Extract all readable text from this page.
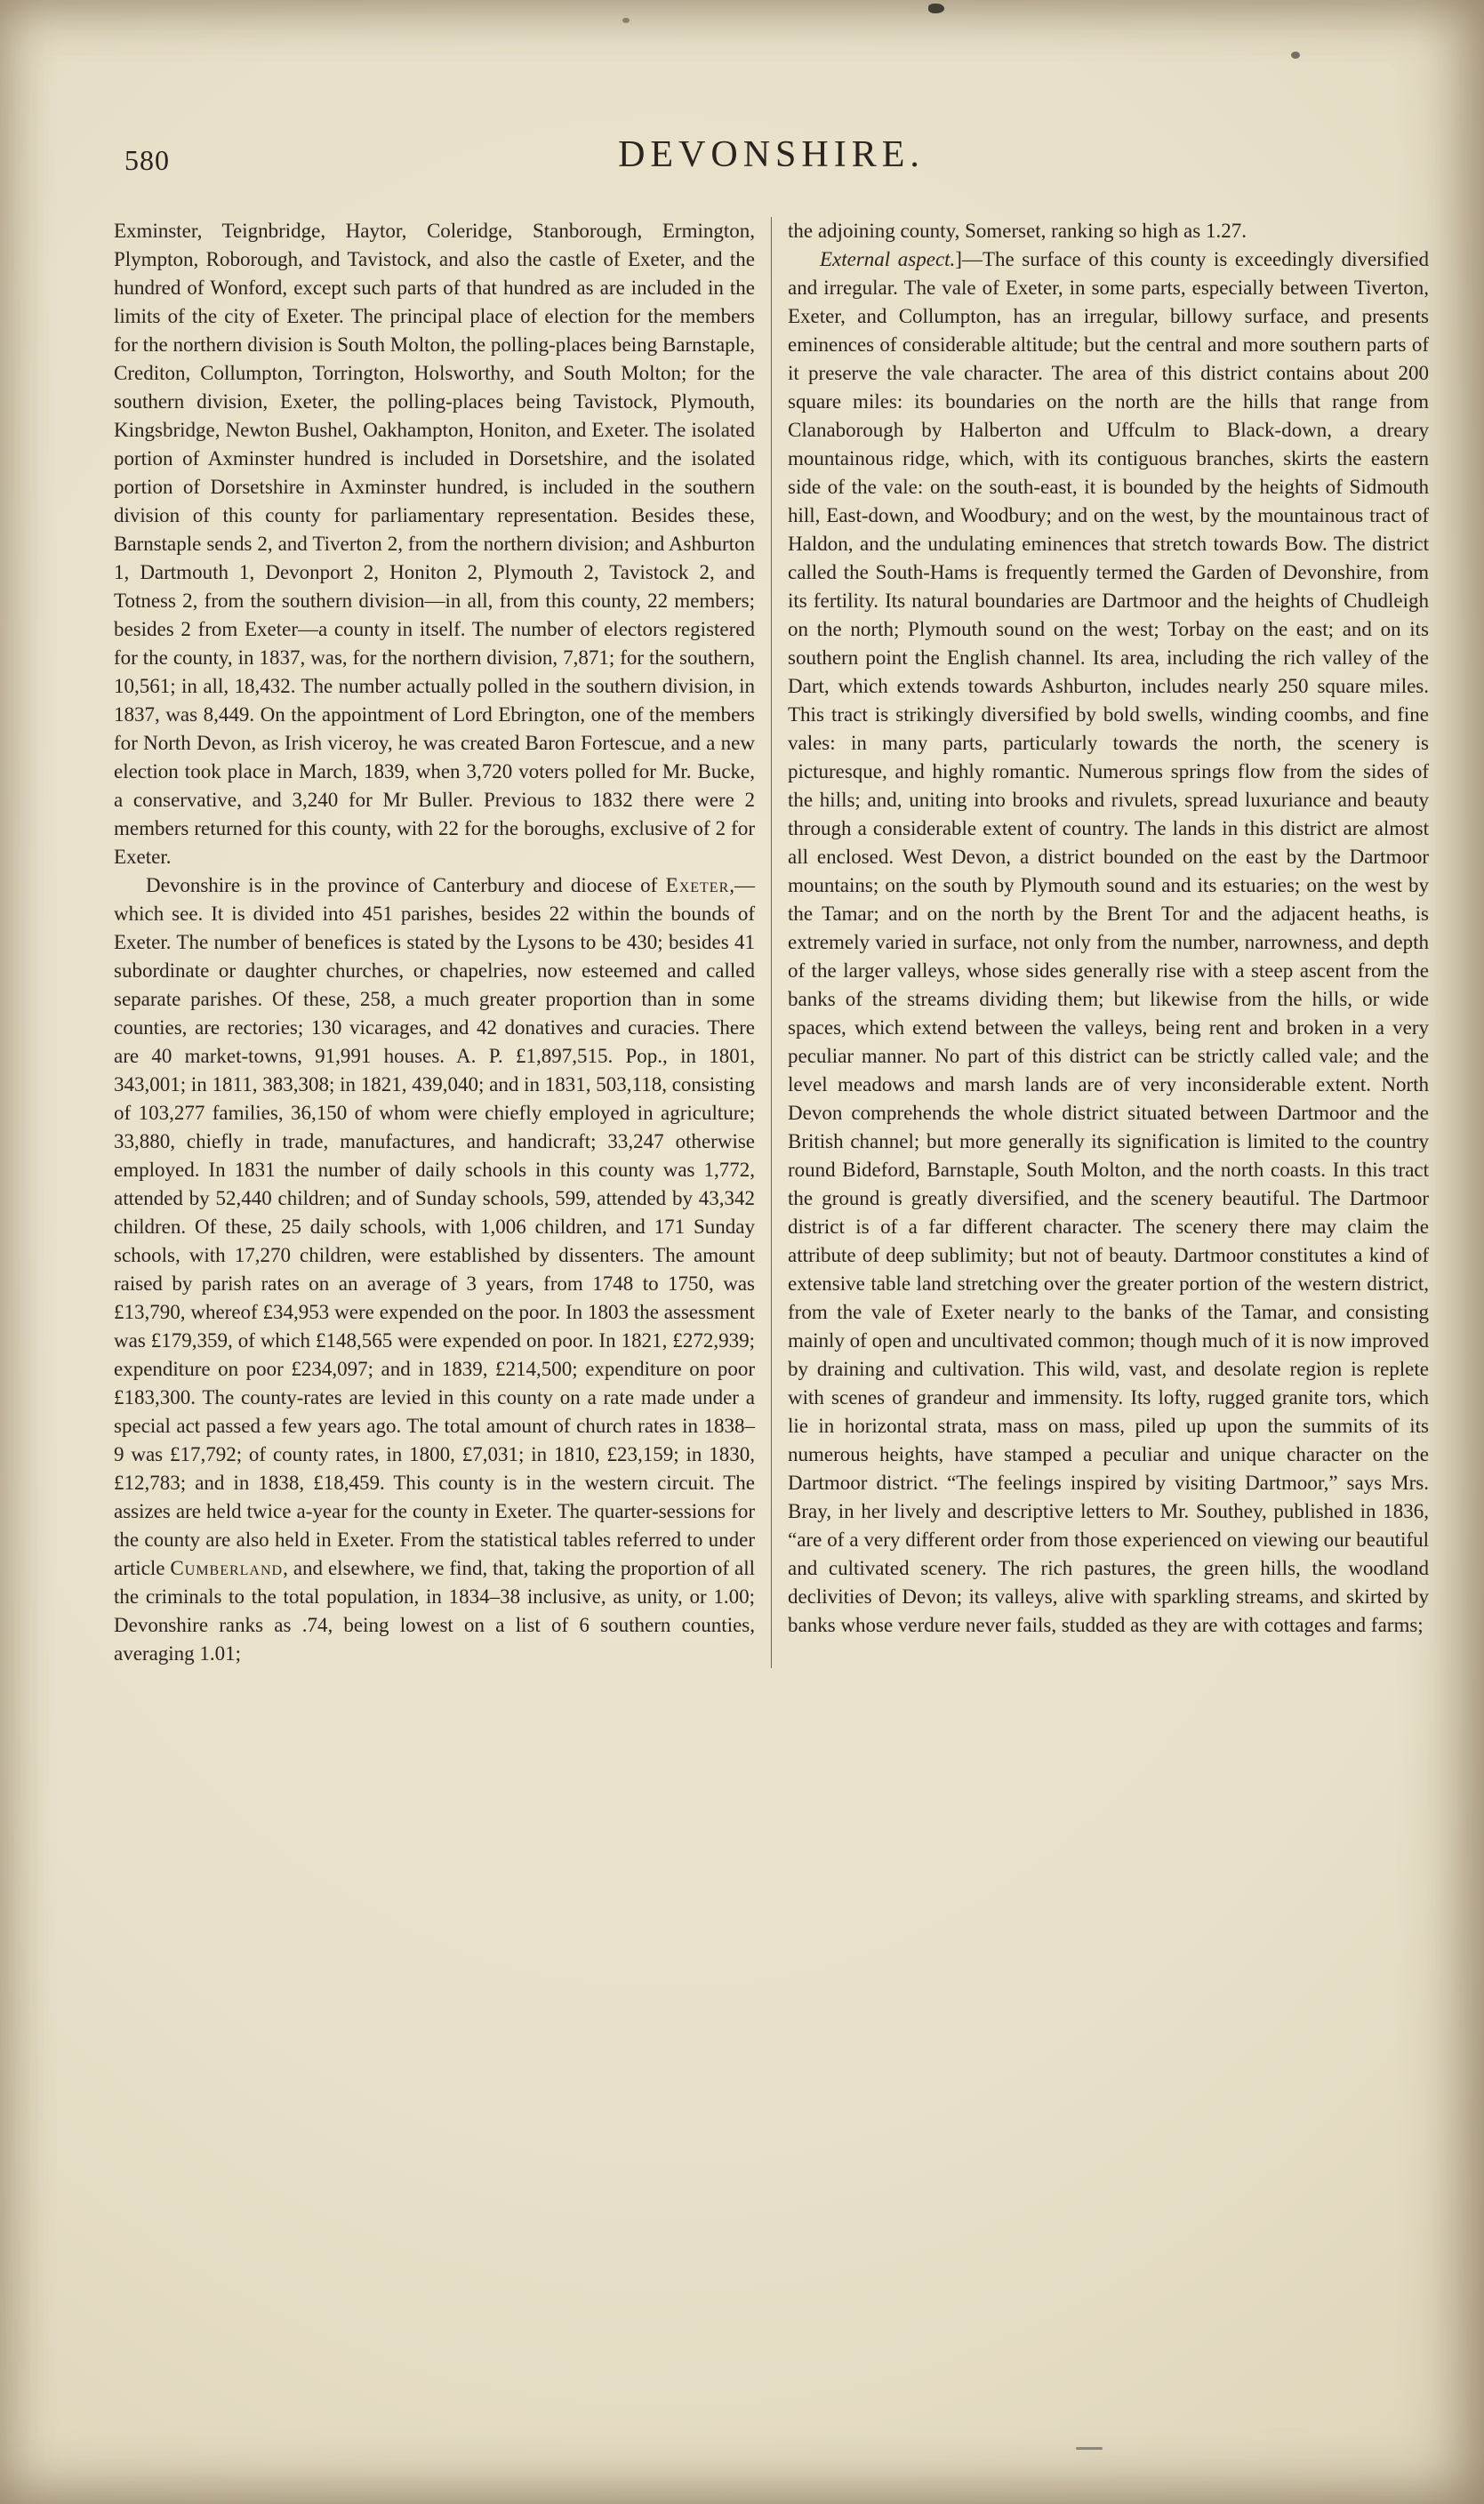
580	DEVONSHIRE.

Exminster, Teignbridge, Haytor, Coleridge, Stanborough, Ermington, Plympton, Roborough, and Tavistock, and also the castle of Exeter, and the hundred of Wonford, except such parts of that hundred as are included in the limits of the city of Exeter. The principal place of election for the members for the northern division is South Molton, the polling-places being Barnstaple, Crediton, Collumpton, Torrington, Holsworthy, and South Molton; for the southern division, Exeter, the polling-places being Tavistock, Plymouth, Kingsbridge, Newton Bushel, Oakhampton, Honiton, and Exeter. The isolated portion of Axminster hundred is included in Dorsetshire, and the isolated portion of Dorsetshire in Axminster hundred, is included in the southern division of this county for parliamentary representation. Besides these, Barnstaple sends 2, and Tiverton 2, from the northern division; and Ashburton 1, Dartmouth 1, Devonport 2, Honiton 2, Plymouth 2, Tavistock 2, and Totness 2, from the southern division—in all, from this county, 22 members; besides 2 from Exeter—a county in itself. The number of electors registered for the county, in 1837, was, for the northern division, 7,871; for the southern, 10,561; in all, 18,432. The number actually polled in the southern division, in 1837, was 8,449. On the appointment of Lord Ebrington, one of the members for North Devon, as Irish viceroy, he was created Baron Fortescue, and a new election took place in March, 1839, when 3,720 voters polled for Mr. Bucke, a conservative, and 3,240 for Mr Buller. Previous to 1832 there were 2 members returned for this county, with 22 for the boroughs, exclusive of 2 for Exeter.

Devonshire is in the province of Canterbury and diocese of Exeter,—which see. It is divided into 451 parishes, besides 22 within the bounds of Exeter. The number of benefices is stated by the Lysons to be 430; besides 41 subordinate or daughter churches, or chapelries, now esteemed and called separate parishes. Of these, 258, a much greater proportion than in some counties, are rectories; 130 vicarages, and 42 donatives and curacies. There are 40 market-towns, 91,991 houses. A. P. £1,897,515. Pop., in 1801, 343,001; in 1811, 383,308; in 1821, 439,040; and in 1831, 503,118, consisting of 103,277 families, 36,150 of whom were chiefly employed in agriculture; 33,880, chiefly in trade, manufactures, and handicraft; 33,247 otherwise employed. In 1831 the number of daily schools in this county was 1,772, attended by 52,440 children; and of Sunday schools, 599, attended by 43,342 children. Of these, 25 daily schools, with 1,006 children, and 171 Sunday schools, with 17,270 children, were established by dissenters. The amount raised by parish rates on an average of 3 years, from 1748 to 1750, was £13,790, whereof £34,953 were expended on the poor. In 1803 the assessment was £179,359, of which £148,565 were expended on poor. In 1821, £272,939; expenditure on poor £234,097; and in 1839, £214,500; expenditure on poor £183,300. The county-rates are levied in this county on a rate made under a special act passed a few years ago. The total amount of church rates in 1838–9 was £17,792; of county rates, in 1800, £7,031; in 1810, £23,159; in 1830, £12,783; and in 1838, £18,459. This county is in the western circuit. The assizes are held twice a-year for the county in Exeter. The quarter-sessions for the county are also held in Exeter. From the statistical tables referred to under article Cumberland, and elsewhere, we find, that, taking the proportion of all the criminals to the total population, in 1834–38 inclusive, as unity, or 1.00; Devonshire ranks as .74, being lowest on a list of 6 southern counties, averaging 1.01;

the adjoining county, Somerset, ranking so high as 1.27.

External aspect.]—The surface of this county is exceedingly diversified and irregular. The vale of Exeter, in some parts, especially between Tiverton, Exeter, and Collumpton, has an irregular, billowy surface, and presents eminences of considerable altitude; but the central and more southern parts of it preserve the vale character. The area of this district contains about 200 square miles: its boundaries on the north are the hills that range from Clanaborough by Halberton and Uffculm to Black-down, a dreary mountainous ridge, which, with its contiguous branches, skirts the eastern side of the vale: on the south-east, it is bounded by the heights of Sidmouth hill, East-down, and Woodbury; and on the west, by the mountainous tract of Haldon, and the undulating eminences that stretch towards Bow. The district called the South-Hams is frequently termed the Garden of Devonshire, from its fertility. Its natural boundaries are Dartmoor and the heights of Chudleigh on the north; Plymouth sound on the west; Torbay on the east; and on its southern point the English channel. Its area, including the rich valley of the Dart, which extends towards Ashburton, includes nearly 250 square miles. This tract is strikingly diversified by bold swells, winding coombs, and fine vales: in many parts, particularly towards the north, the scenery is picturesque, and highly romantic. Numerous springs flow from the sides of the hills; and, uniting into brooks and rivulets, spread luxuriance and beauty through a considerable extent of country. The lands in this district are almost all enclosed. West Devon, a district bounded on the east by the Dartmoor mountains; on the south by Plymouth sound and its estuaries; on the west by the Tamar; and on the north by the Brent Tor and the adjacent heaths, is extremely varied in surface, not only from the number, narrowness, and depth of the larger valleys, whose sides generally rise with a steep ascent from the banks of the streams dividing them; but likewise from the hills, or wide spaces, which extend between the valleys, being rent and broken in a very peculiar manner. No part of this district can be strictly called vale; and the level meadows and marsh lands are of very inconsiderable extent. North Devon comprehends the whole district situated between Dartmoor and the British channel; but more generally its signification is limited to the country round Bideford, Barnstaple, South Molton, and the north coasts. In this tract the ground is greatly diversified, and the scenery beautiful. The Dartmoor district is of a far different character. The scenery there may claim the attribute of deep sublimity; but not of beauty. Dartmoor constitutes a kind of extensive table land stretching over the greater portion of the western district, from the vale of Exeter nearly to the banks of the Tamar, and consisting mainly of open and uncultivated common; though much of it is now improved by draining and cultivation. This wild, vast, and desolate region is replete with scenes of grandeur and immensity. Its lofty, rugged granite tors, which lie in horizontal strata, mass on mass, piled up upon the summits of its numerous heights, have stamped a peculiar and unique character on the Dartmoor district. “The feelings inspired by visiting Dartmoor,” says Mrs. Bray, in her lively and descriptive letters to Mr. Southey, published in 1836, “are of a very different order from those experienced on viewing our beautiful and cultivated scenery. The rich pastures, the green hills, the woodland declivities of Devon; its valleys, alive with sparkling streams, and skirted by banks whose verdure never fails, studded as they are with cottages and farms;
